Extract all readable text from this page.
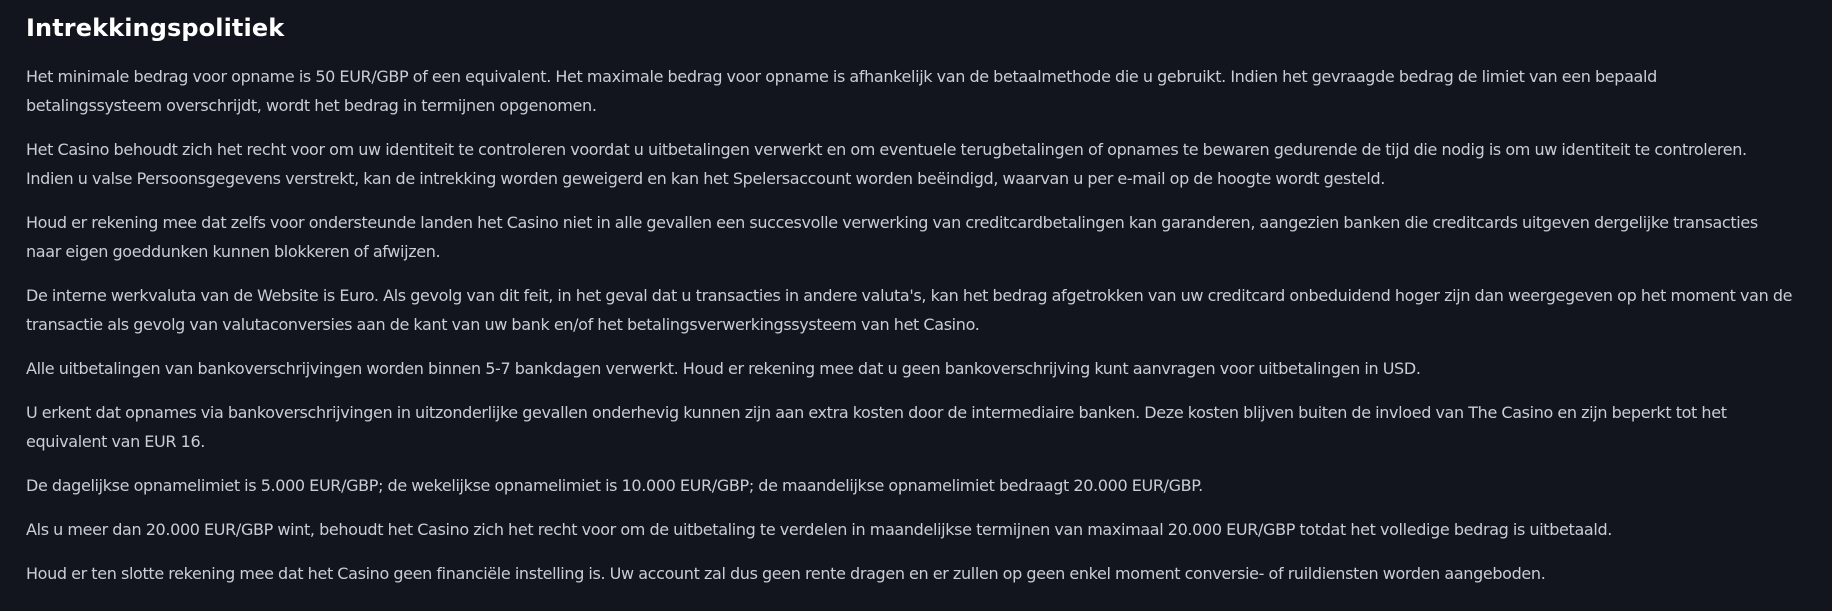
Intrekkingspolitiek

Het minimale bedrag voor opname is 50 EUR/GBP of een equivalent. Het maximale bedrag voor opname is afhankelijk van de betaalmethode die u gebruikt. Indien het gevraagde bedrag de limiet van een bepaald
betalingssysteem overschrijdt, wordt het bedrag in termijnen opgenomen.

Het Casino behoudt zich het recht voor om uw identiteit te controleren voordat u uitbetalingen verwerkt en om eventuele terugbetalingen of opnames te bewaren gedurende de tijd die nodig is om uw identiteit te controleren.
Indien u valse Persoonsgegevens verstrekt, kan de intrekking worden geweigerd en kan het Spelersaccount worden beëindigd, waarvan u per e-mail op de hoogte wordt gesteld.

Houd er rekening mee dat zelfs voor ondersteunde landen het Casino niet in alle gevallen een succesvolle verwerking van creditcardbetalingen kan garanderen, aangezien banken die creditcards uitgeven dergelijke transacties
naar eigen goeddunken kunnen blokkeren of afwijzen.

De interne werkvaluta van de Website is Euro. Als gevolg van dit feit, in het geval dat u transacties in andere valuta's, kan het bedrag afgetrokken van uw creditcard onbeduidend hoger zijn dan weergegeven op het moment van de
transactie als gevolg van valutaconversies aan de kant van uw bank en/of het betalingsverwerkingssysteem van het Casino.

Alle uitbetalingen van bankoverschrijvingen worden binnen 5-7 bankdagen verwerkt. Houd er rekening mee dat u geen bankoverschrijving kunt aanvragen voor uitbetalingen in USD.

U erkent dat opnames via bankoverschrijvingen in uitzonderlijke gevallen onderhevig kunnen zijn aan extra kosten door de intermediaire banken. Deze kosten blijven buiten de invloed van The Casino en zijn beperkt tot het
equivalent van EUR 16.

De dagelijkse opnamelimiet is 5.000 EUR/GBP; de wekelijkse opnamelimiet is 10.000 EUR/GBP; de maandelijkse opnamelimiet bedraagt 20.000 EUR/GBP.

Als u meer dan 20.000 EUR/GBP wint, behoudt het Casino zich het recht voor om de uitbetaling te verdelen in maandelijkse termijnen van maximaal 20.000 EUR/GBP totdat het volledige bedrag is uitbetaald.

Houd er ten slotte rekening mee dat het Casino geen financiële instelling is. Uw account zal dus geen rente dragen en er zullen op geen enkel moment conversie- of ruildiensten worden aangeboden.
